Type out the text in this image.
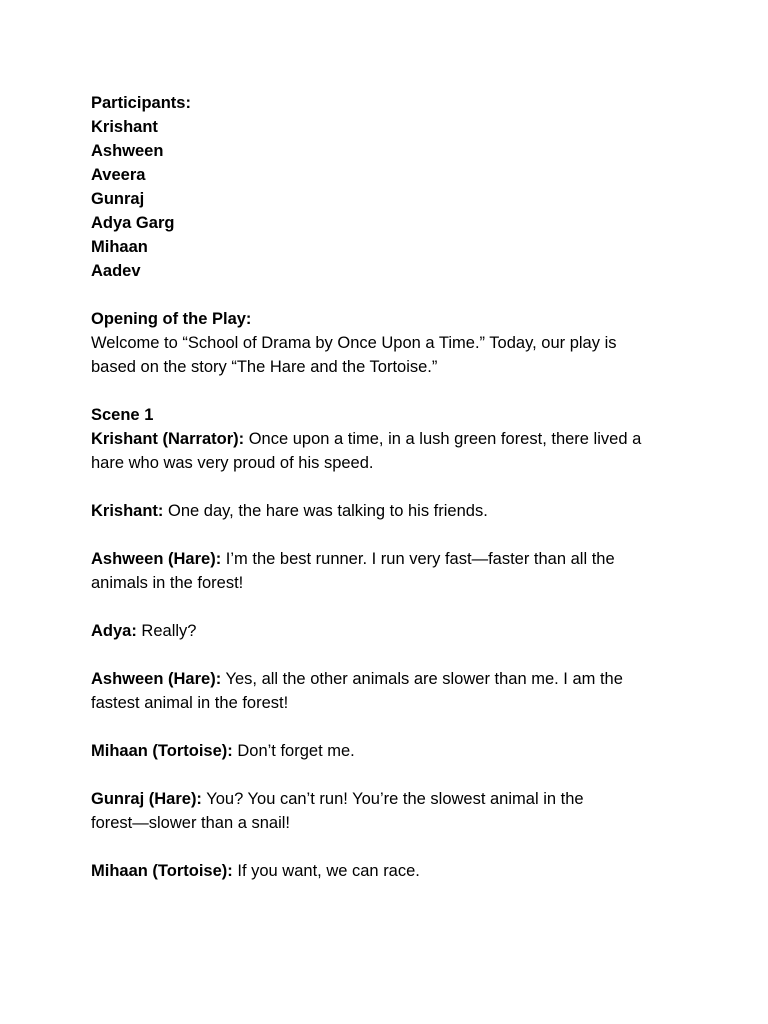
Participants:
Krishant
Ashween
Aveera
Gunraj
Adya Garg
Mihaan
Aadev
Opening of the Play:
Welcome to “School of Drama by Once Upon a Time.” Today, our play is
based on the story “The Hare and the Tortoise.”
Scene 1
Krishant (Narrator): Once upon a time, in a lush green forest, there lived a
hare who was very proud of his speed.
Krishant: One day, the hare was talking to his friends.
Ashween (Hare): I’m the best runner. I run very fast—faster than all the
animals in the forest!
Adya: Really?
Ashween (Hare): Yes, all the other animals are slower than me. I am the
fastest animal in the forest!
Mihaan (Tortoise): Don’t forget me.
Gunraj (Hare): You? You can’t run! You’re the slowest animal in the
forest—slower than a snail!
Mihaan (Tortoise): If you want, we can race.
